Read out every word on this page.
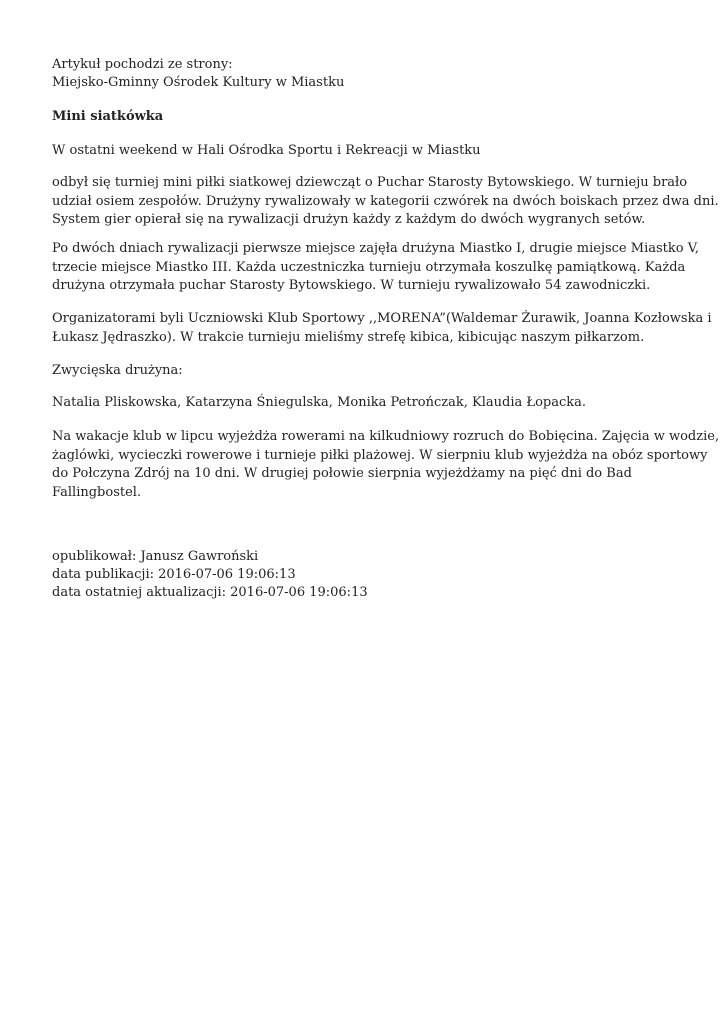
Artykuł pochodzi ze strony:
Miejsko-Gminny Ośrodek Kultury w Miastku
Mini siatkówka
W ostatni weekend w Hali Ośrodka Sportu i Rekreacji w Miastku
odbył się turniej mini piłki siatkowej dziewcząt o Puchar Starosty Bytowskiego. W turnieju brało
udział osiem zespołów. Drużyny rywalizowały w kategorii czwórek na dwóch boiskach przez dwa dni.
System gier opierał się na rywalizacji drużyn każdy z każdym do dwóch wygranych setów.
Po dwóch dniach rywalizacji pierwsze miejsce zajęła drużyna Miastko I, drugie miejsce Miastko V,
trzecie miejsce Miastko III. Każda uczestniczka turnieju otrzymała koszulkę pamiątkową. Każda
drużyna otrzymała puchar Starosty Bytowskiego. W turnieju rywalizowało 54 zawodniczki.
Organizatorami byli Uczniowski Klub Sportowy ,,MORENA”(Waldemar Żurawik, Joanna Kozłowska i
Łukasz Jędraszko). W trakcie turnieju mieliśmy strefę kibica, kibicując naszym piłkarzom.
Zwycięska drużyna:
Natalia Pliskowska, Katarzyna Śniegulska, Monika Petrończak, Klaudia Łopacka.
Na wakacje klub w lipcu wyjeżdża rowerami na kilkudniowy rozruch do Bobięcina. Zajęcia w wodzie,
żaglówki, wycieczki rowerowe i turnieje piłki plażowej. W sierpniu klub wyjeżdża na obóz sportowy
do Połczyna Zdrój na 10 dni. W drugiej połowie sierpnia wyjeżdżamy na pięć dni do Bad
Fallingbostel.
opublikował: Janusz Gawroński
data publikacji: 2016-07-06 19:06:13
data ostatniej aktualizacji: 2016-07-06 19:06:13
